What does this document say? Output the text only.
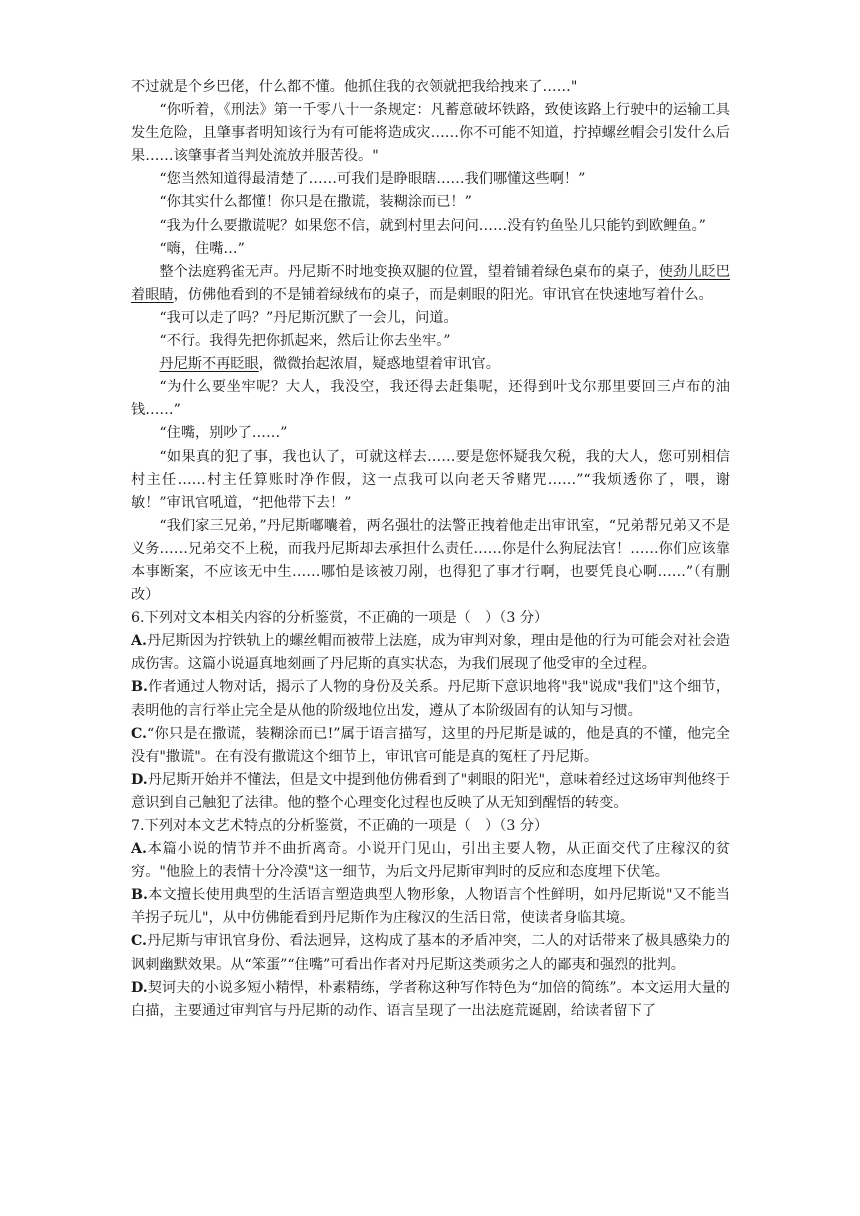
不过就是个乡巴佬，什么都不懂。他抓住我的衣领就把我给拽来了……"

“你听着，《刑法》第一千零八十一条规定：凡蓄意破坏铁路，致使该路上行驶中的运输工具发生危险，且肇事者明知该行为有可能将造成灾……你不可能不知道，拧掉螺丝帽会引发什么后果……该肇事者当判处流放并服苦役。"

“您当然知道得最清楚了……可我们是睁眼瞎……我们哪懂这些啊！”

“你其实什么都懂！你只是在撒谎，装糊涂而已！”

“我为什么要撒谎呢？如果您不信，就到村里去问问……没有钓鱼坠儿只能钓到欧鲤鱼。”

“嗨，住嘴…”

整个法庭鸦雀无声。丹尼斯不时地变换双腿的位置，望着铺着绿色桌布的桌子，使劲儿眨巴着眼睛，仿佛他看到的不是铺着绿绒布的桌子，而是刺眼的阳光。审讯官在快速地写着什么。

“我可以走了吗？”丹尼斯沉默了一会儿，问道。

“不行。我得先把你抓起来，然后让你去坐牢。”

丹尼斯不再眨眼，微微抬起浓眉，疑惑地望着审讯官。

“为什么要坐牢呢？大人，我没空，我还得去赶集呢，还得到叶戈尔那里要回三卢布的油钱……”

“住嘴，别吵了……”

“如果真的犯了事，我也认了，可就这样去……要是您怀疑我欠税，我的大人，您可别相信村主任……村主任算账时净作假，这一点我可以向老天爷赌咒……”“我烦透你了，喂，谢敏！”审讯官吼道，“把他带下去！”

“我们家三兄弟，”丹尼斯嘟囔着，两名强壮的法警正拽着他走出审讯室，“兄弟帮兄弟又不是义务……兄弟交不上税，而我丹尼斯却去承担什么责任……你是什么狗屁法官！……你们应该靠本事断案，不应该无中生……哪怕是该被刀剐，也得犯了事才行啊，也要凭良心啊……”（有删改）

6.下列对文本相关内容的分析鉴赏，不正确的一项是（　）（3 分）

A.丹尼斯因为拧铁轨上的螺丝帽而被带上法庭，成为审判对象，理由是他的行为可能会对社会造成伤害。这篇小说逼真地刻画了丹尼斯的真实状态，为我们展现了他受审的全过程。

B.作者通过人物对话，揭示了人物的身份及关系。丹尼斯下意识地将"我"说成"我们"这个细节，表明他的言行举止完全是从他的阶级地位出发，遵从了本阶级固有的认知与习惯。

C.“你只是在撒谎，装糊涂而已!”属于语言描写，这里的丹尼斯是诚的，他是真的不懂，他完全没有"撒谎"。在有没有撒谎这个细节上，审讯官可能是真的冤枉了丹尼斯。

D.丹尼斯开始并不懂法，但是文中提到他仿佛看到了"刺眼的阳光"，意味着经过这场审判他终于意识到自己触犯了法律。他的整个心理变化过程也反映了从无知到醒悟的转变。

7.下列对本文艺术特点的分析鉴赏，不正确的一项是（　）（3 分）

A.本篇小说的情节并不曲折离奇。小说开门见山，引出主要人物，从正面交代了庄稼汉的贫穷。"他脸上的表情十分冷漠"这一细节，为后文丹尼斯审判时的反应和态度埋下伏笔。

B.本文擅长使用典型的生活语言塑造典型人物形象，人物语言个性鲜明，如丹尼斯说"又不能当羊拐子玩儿"，从中仿佛能看到丹尼斯作为庄稼汉的生活日常，使读者身临其境。

C.丹尼斯与审讯官身份、看法迥异，这构成了基本的矛盾冲突，二人的对话带来了极具感染力的讽刺幽默效果。从“笨蛋”“住嘴”可看出作者对丹尼斯这类顽劣之人的鄙夷和强烈的批判。

D.契诃夫的小说多短小精悍，朴素精练，学者称这种写作特色为“加倍的简练”。本文运用大量的白描，主要通过审判官与丹尼斯的动作、语言呈现了一出法庭荒诞剧，给读者留下了
